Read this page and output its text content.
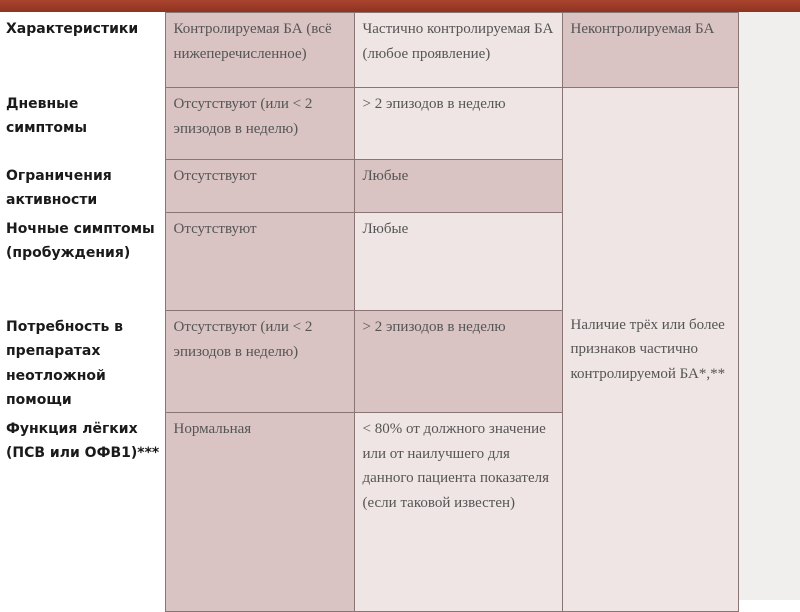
Характеристики	Контролируемая БА (всё нижеперечисленное)	Частично контролируемая БА (любое проявление)	Неконтролируемая БА
Дневные симптомы	Отсутствуют (или < 2 эпизодов в неделю)	> 2 эпизодов в неделю	Наличие трёх или более признаков частично контролируемой БА*,**
Ограничения активности	Отсутствуют	Любые	
Ночные симптомы (пробуждения)	Отсутствуют	Любые	
Потребность в препаратах неотложной помощи	Отсутствуют (или < 2 эпизодов в неделю)	> 2 эпизодов в неделю	
Функция лёгких (ПСВ или ОФВ1)***	Нормальная	< 80% от должного значение или от наилучшего для данного пациента показателя (если таковой известен)	
